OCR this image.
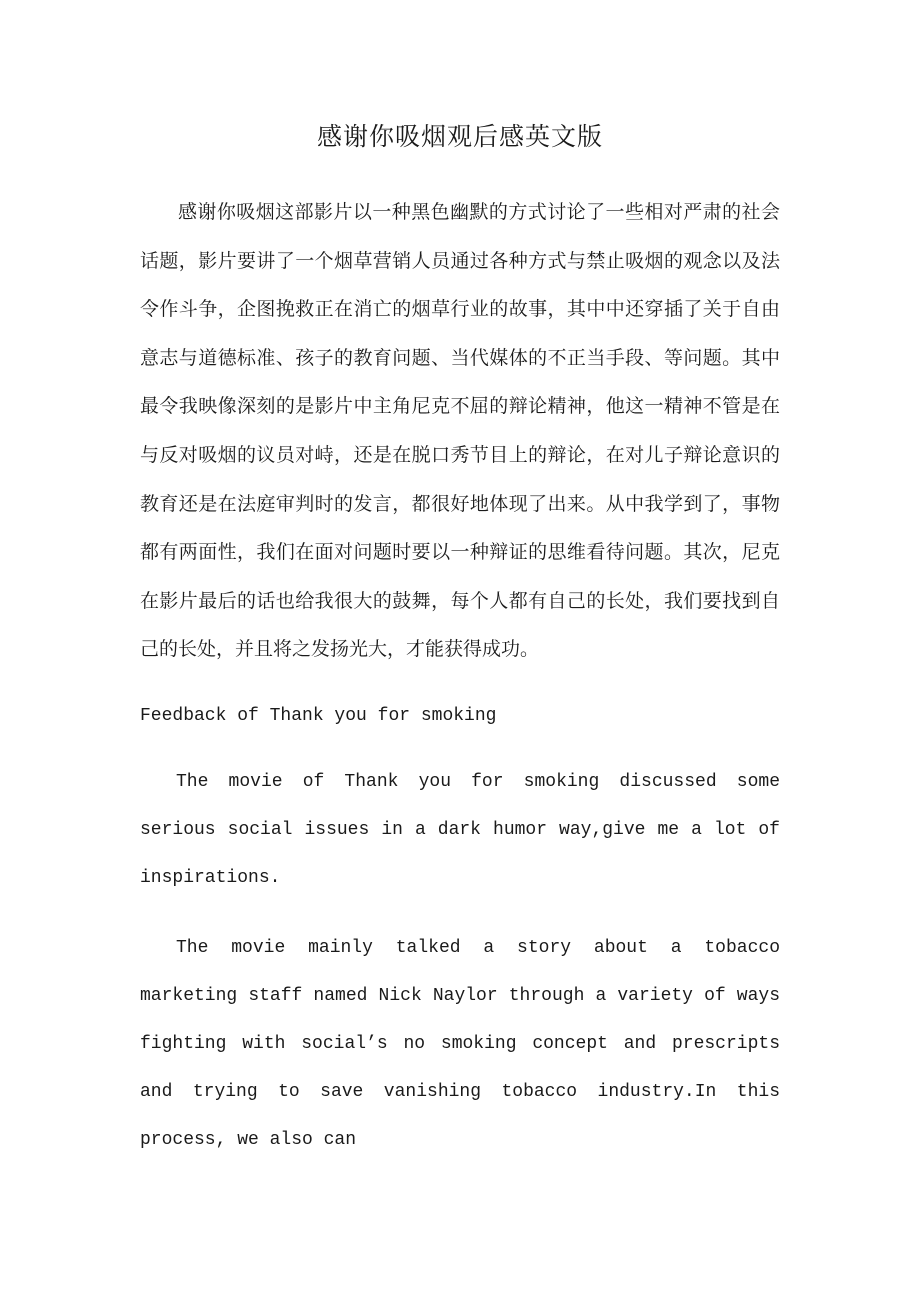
感谢你吸烟观后感英文版

感谢你吸烟这部影片以一种黑色幽默的方式讨论了一些相对严肃的社会话题，影片要讲了一个烟草营销人员通过各种方式与禁止吸烟的观念以及法令作斗争，企图挽救正在消亡的烟草行业的故事，其中中还穿插了关于自由意志与道德标准、孩子的教育问题、当代媒体的不正当手段、等问题。其中最令我映像深刻的是影片中主角尼克不屈的辩论精神，他这一精神不管是在与反对吸烟的议员对峙，还是在脱口秀节目上的辩论，在对儿子辩论意识的教育还是在法庭审判时的发言，都很好地体现了出来。从中我学到了，事物都有两面性，我们在面对问题时要以一种辩证的思维看待问题。其次，尼克在影片最后的话也给我很大的鼓舞，每个人都有自己的长处，我们要找到自己的长处，并且将之发扬光大，才能获得成功。

Feedback of Thank you for smoking

The movie of Thank you for smoking discussed some serious social issues in a dark humor way,give me a lot of inspirations.

The movie mainly talked a story about a tobacco marketing staff named Nick Naylor through a variety of ways fighting with social’s no smoking concept and prescripts and trying to save vanishing tobacco industry.In this process, we also can
